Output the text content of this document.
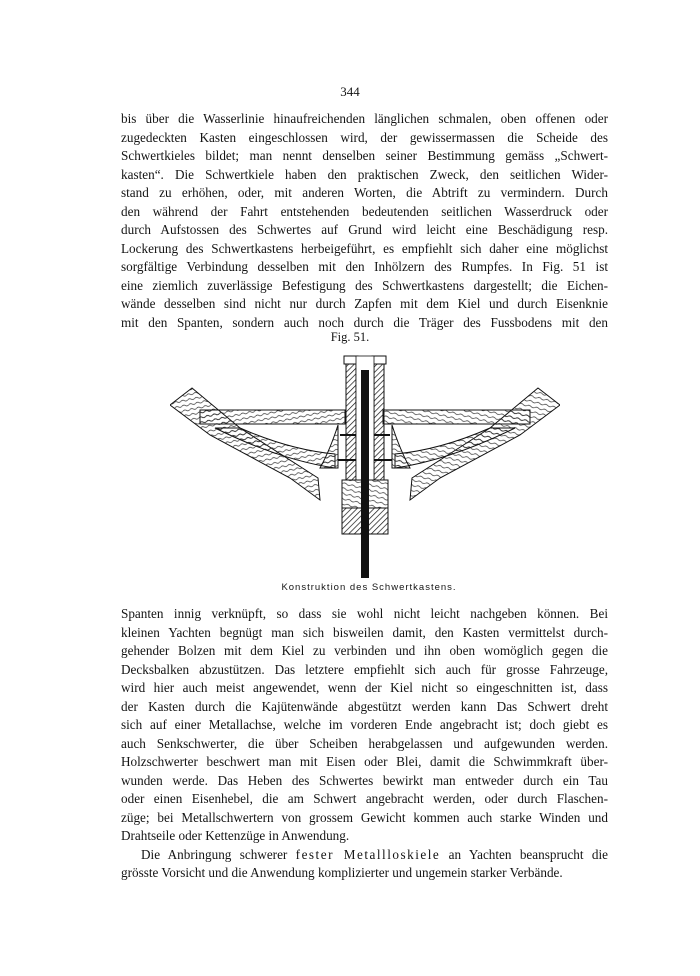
344

bis über die Wasserlinie hinaufreichenden länglichen schmalen, oben offenen oder

zugedeckten Kasten eingeschlossen wird, der gewissermassen die Scheide des

Schwertkieles bildet; man nennt denselben seiner Bestimmung gemäss „Schwert-

kasten“. Die Schwertkiele haben den praktischen Zweck, den seitlichen Wider-

stand zu erhöhen, oder, mit anderen Worten, die Abtrift zu vermindern. Durch

den während der Fahrt entstehenden bedeutenden seitlichen Wasserdruck oder

durch Aufstossen des Schwertes auf Grund wird leicht eine Beschädigung resp.

Lockerung des Schwertkastens herbeigeführt, es empfiehlt sich daher eine möglichst

sorgfältige Verbindung desselben mit den Inhölzern des Rumpfes. In Fig. 51 ist

eine ziemlich zuverlässige Befestigung des Schwertkastens dargestellt; die Eichen-

wände desselben sind nicht nur durch Zapfen mit dem Kiel und durch Eisenknie

mit den Spanten, sondern auch noch durch die Träger des Fussbodens mit den

Fig. 51.
Konstruktion des Schwertkastens.

Spanten innig verknüpft, so dass sie wohl nicht leicht nachgeben können. Bei

kleinen Yachten begnügt man sich bisweilen damit, den Kasten vermittelst durch-

gehender Bolzen mit dem Kiel zu verbinden und ihn oben womöglich gegen die

Decksbalken abzustützen. Das letztere empfiehlt sich auch für grosse Fahrzeuge,

wird hier auch meist angewendet, wenn der Kiel nicht so eingeschnitten ist, dass

der Kasten durch die Kajütenwände abgestützt werden kann Das Schwert dreht

sich auf einer Metallachse, welche im vorderen Ende angebracht ist; doch giebt es

auch Senkschwerter, die über Scheiben herabgelassen und aufgewunden werden.

Holzschwerter beschwert man mit Eisen oder Blei, damit die Schwimmkraft über-

wunden werde. Das Heben des Schwertes bewirkt man entweder durch ein Tau

oder einen Eisenhebel, die am Schwert angebracht werden, oder durch Flaschen-

züge; bei Metallschwertern von grossem Gewicht kommen auch starke Winden und

Drahtseile oder Kettenzüge in Anwendung.

Die Anbringung schwerer fester Metallloskiele an Yachten beansprucht die

grösste Vorsicht und die Anwendung komplizierter und ungemein starker Verbände.
